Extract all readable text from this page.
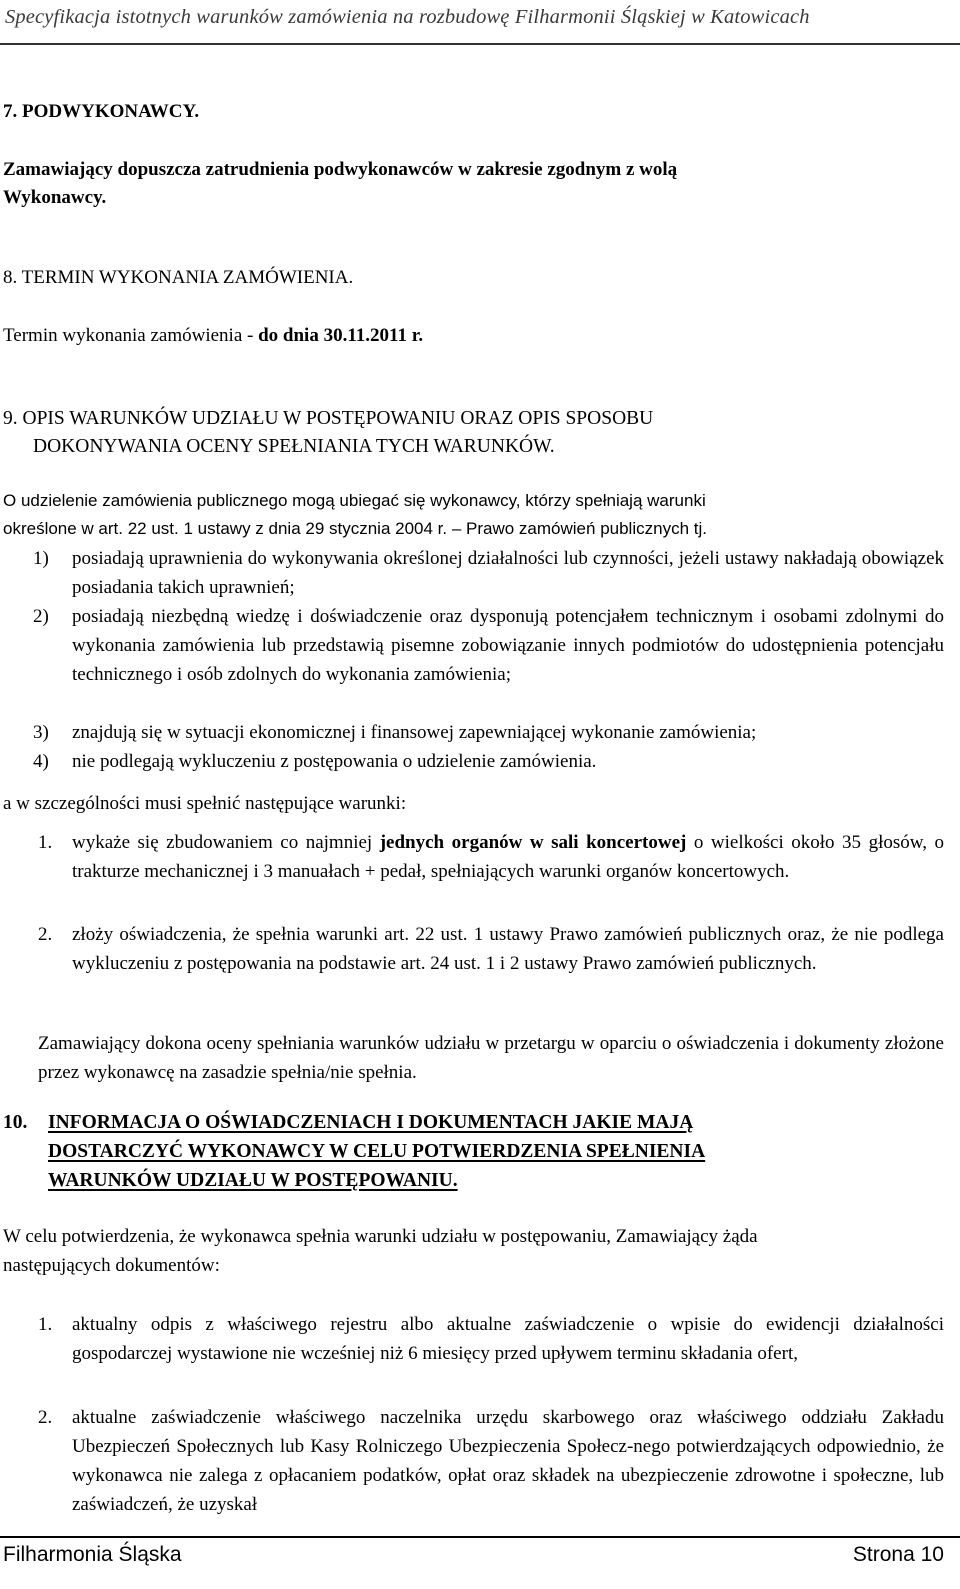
Specyfikacja istotnych warunków zamówienia na rozbudowę Filharmonii Śląskiej w Katowicach
7. PODWYKONAWCY.
Zamawiający dopuszcza zatrudnienia podwykonawców w zakresie zgodnym z wolą
Wykonawcy.
8. TERMIN WYKONANIA ZAMÓWIENIA.
Termin wykonania zamówienia - do dnia 30.11.2011 r.
9. OPIS WARUNKÓW UDZIAŁU W POSTĘPOWANIU ORAZ OPIS SPOSOBU
DOKONYWANIA OCENY SPEŁNIANIA TYCH WARUNKÓW.
O udzielenie zamówienia publicznego mogą ubiegać się wykonawcy, którzy spełniają warunki
określone w art. 22 ust. 1 ustawy z dnia 29 stycznia 2004 r. – Prawo zamówień publicznych tj.
1) posiadają uprawnienia do wykonywania określonej działalności lub czynności, jeżeli ustawy nakładają obowiązek posiadania takich uprawnień;
2) posiadają niezbędną wiedzę i doświadczenie oraz dysponują potencjałem technicznym i osobami zdolnymi do wykonania zamówienia lub przedstawią pisemne zobowiązanie innych podmiotów do udostępnienia potencjału technicznego i osób zdolnych do wykonania zamówienia;
3) znajdują się w sytuacji ekonomicznej i finansowej zapewniającej wykonanie zamówienia;
4) nie podlegają wykluczeniu z postępowania o udzielenie zamówienia.
a w szczególności musi spełnić następujące warunki:
1. wykaże się zbudowaniem co najmniej jednych organów w sali koncertowej o wielkości około 35 głosów, o trakturze mechanicznej i 3 manuałach + pedał, spełniających warunki organów koncertowych.
2. złoży oświadczenia, że spełnia warunki art. 22 ust. 1 ustawy Prawo zamówień publicznych oraz, że nie podlega wykluczeniu z postępowania na podstawie art. 24 ust. 1 i 2 ustawy Prawo zamówień publicznych.
Zamawiający dokona oceny spełniania warunków udziału w przetargu w oparciu o oświadczenia i dokumenty złożone przez wykonawcę na zasadzie spełnia/nie spełnia.
10. INFORMACJA O OŚWIADCZENIACH I DOKUMENTACH JAKIE MAJĄ
DOSTARCZYĆ WYKONAWCY W CELU POTWIERDZENIA SPEŁNIENIA
WARUNKÓW UDZIAŁU W POSTĘPOWANIU.
W celu potwierdzenia, że wykonawca spełnia warunki udziału w postępowaniu, Zamawiający żąda następujących dokumentów:
1. aktualny odpis z właściwego rejestru albo aktualne zaświadczenie o wpisie do ewidencji działalności gospodarczej wystawione nie wcześniej niż 6 miesięcy przed upływem terminu składania ofert,
2. aktualne zaświadczenie właściwego naczelnika urzędu skarbowego oraz właściwego oddziału Zakładu Ubezpieczeń Społecznych lub Kasy Rolniczego Ubezpieczenia Społecz-nego potwierdzających odpowiednio, że wykonawca nie zalega z opłacaniem podatków, opłat oraz składek na ubezpieczenie zdrowotne i społeczne, lub zaświadczeń, że uzyskał
Filharmonia Śląska	Strona 10
